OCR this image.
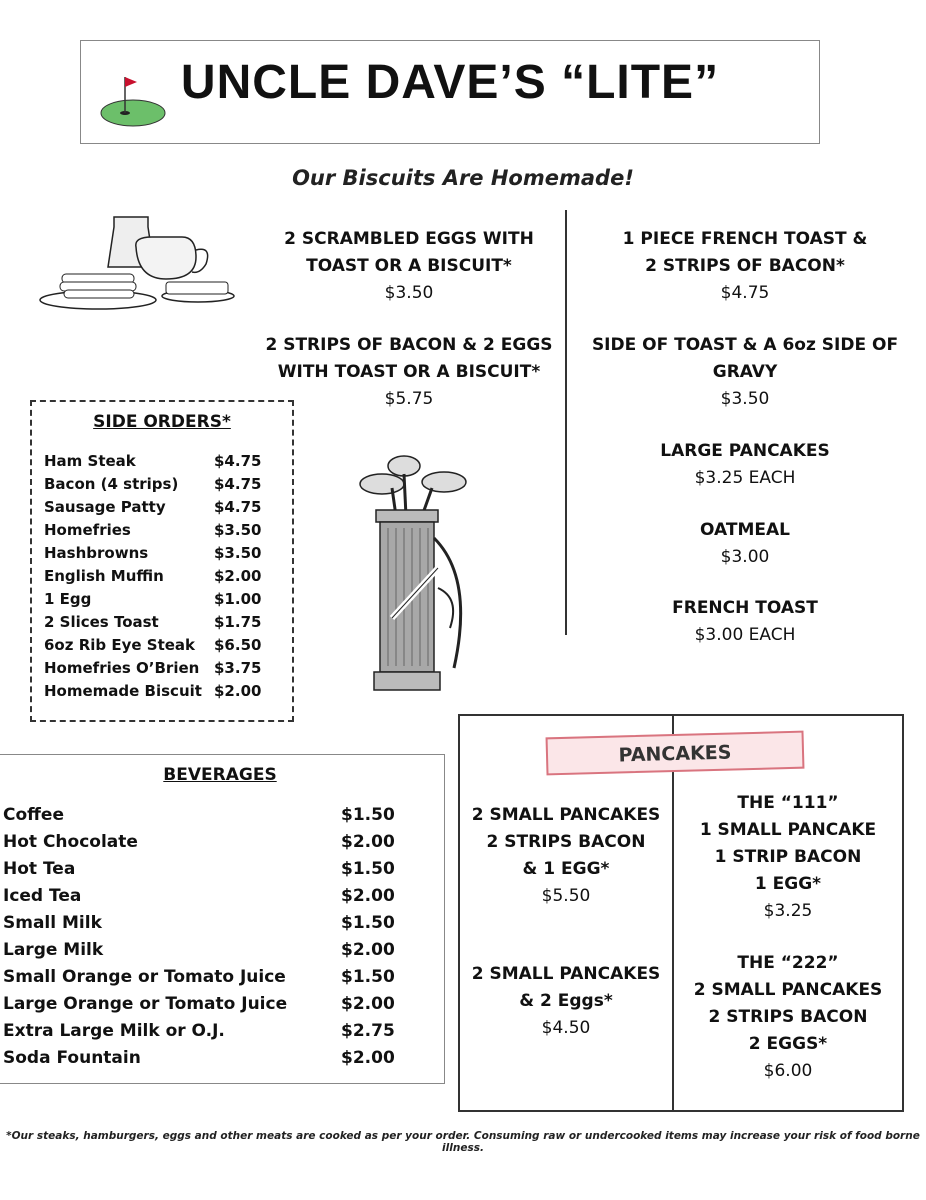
UNCLE DAVE’S “LITE”
Our Biscuits Are Homemade!
2 SCRAMBLED EGGS WITH
TOAST OR A BISCUIT*
$3.50
2 STRIPS OF BACON & 2 EGGS
WITH TOAST OR A BISCUIT*
$5.75
1 PIECE FRENCH TOAST &
2 STRIPS OF BACON*
$4.75
SIDE OF TOAST & A 6oz SIDE OF
GRAVY
$3.50
LARGE PANCAKES
$3.25 EACH
OATMEAL
$3.00
FRENCH TOAST
$3.00 EACH
SIDE ORDERS*
Ham Steak	$4.75
Bacon (4 strips) $4.75
Sausage Patty	$4.75
Homefries	$3.50
Hashbrowns	$3.50
English Muffin	$2.00
1 Egg	$1.00
2 Slices Toast	$1.75
6oz Rib Eye Steak $6.50
Homefries O’Brien $3.75
Homemade Biscuit $2.00
BEVERAGES
Coffee	$1.50
Hot Chocolate	$2.00
Hot Tea	$1.50
Iced Tea	$2.00
Small Milk	$1.50
Large Milk	$2.00
Small Orange or Tomato Juice	$1.50
Large Orange or Tomato Juice	$2.00
Extra Large Milk or O.J.	$2.75
Soda Fountain	$2.00
PANCAKES
2 SMALL PANCAKES
2 STRIPS BACON
& 1 EGG*
$5.50
2 SMALL PANCAKES
& 2 Eggs*
$4.50
THE “111”
1 SMALL PANCAKE
1 STRIP BACON
1 EGG*
$3.25
THE “222”
2 SMALL PANCAKES
2 STRIPS BACON
2 EGGS*
$6.00
*Our steaks, hamburgers, eggs and other meats are cooked as per your order. Consuming raw or undercooked items may increase your risk of food borne illness.
